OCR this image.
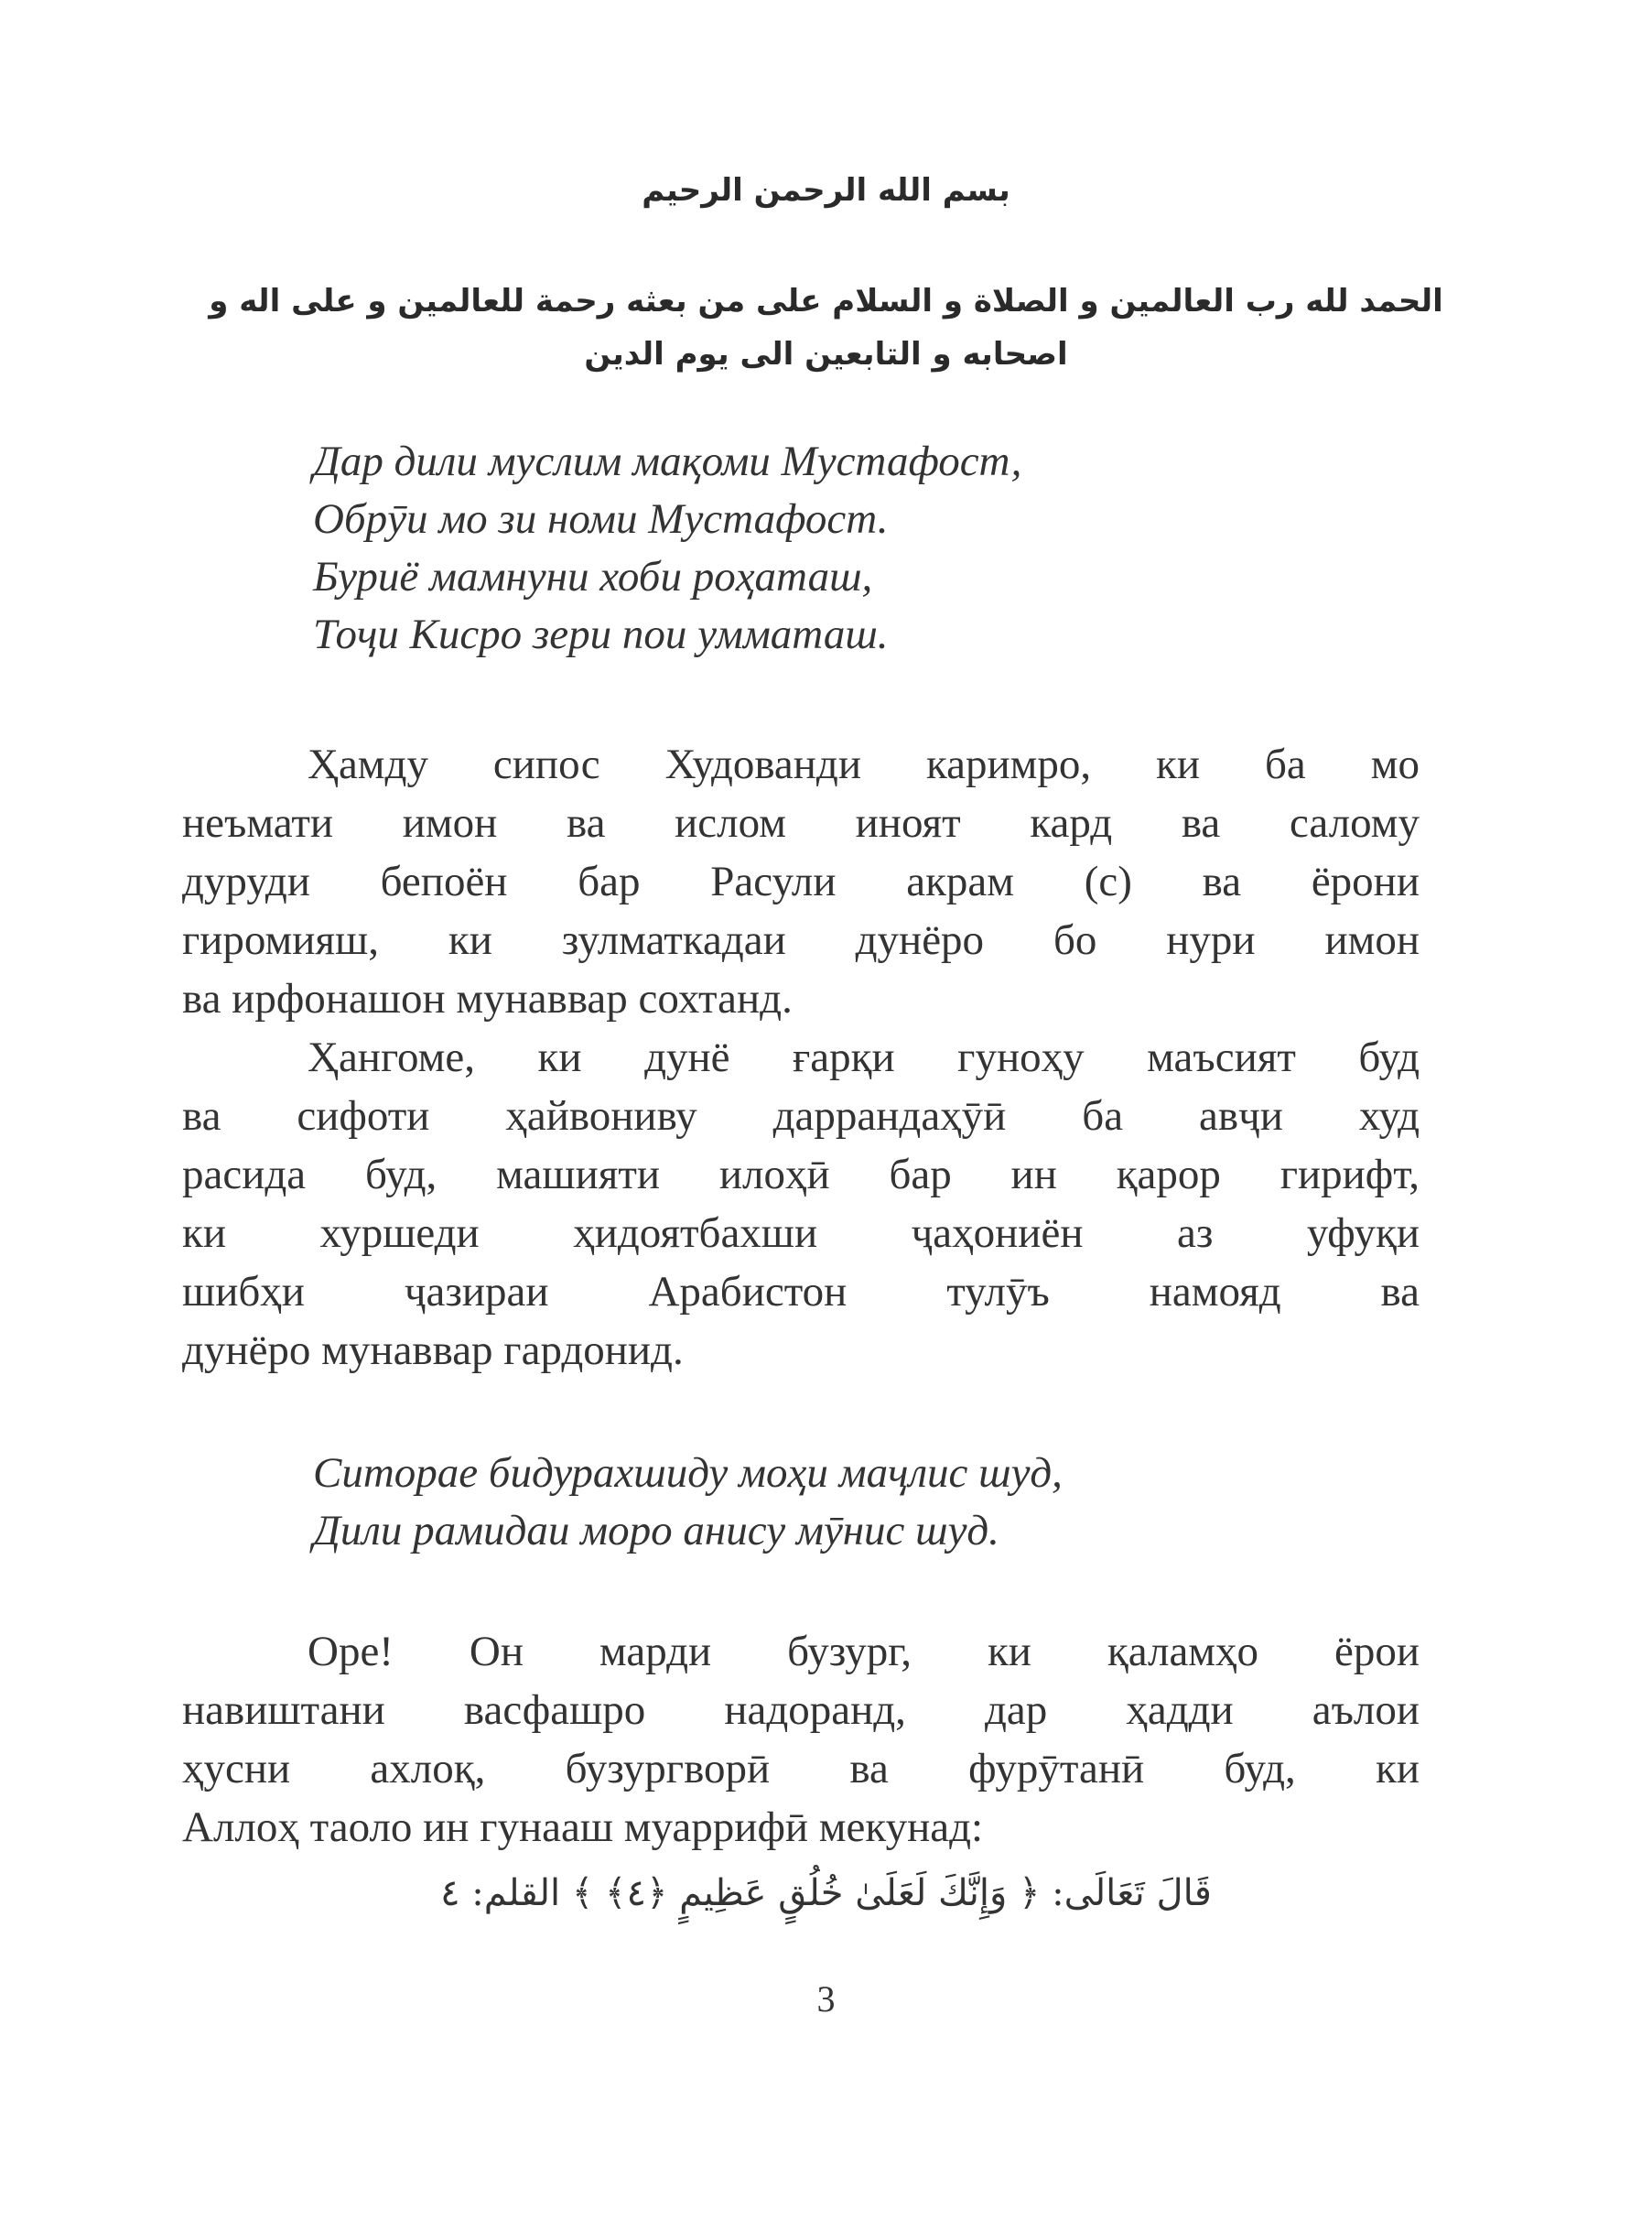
بسم الله الرحمن الرحيم
الحمد لله رب العالمين و الصلاة و السلام على من بعثه رحمة للعالمين و على اله و
اصحابه و التابعين الى يوم الدين
Дар дили муслим мақоми Мустафост,
Обрӯи мо зи номи Мустафост.
Буриё мамнуни хоби роҳаташ,
Тоҷи Кисро зери пои умматаш.
Ҳамду сипос Худованди каримро, ки ба мо
неъмати имон ва ислом иноят кард ва саломy
дуруди бепоён бар Расули акрам (с) ва ёрони
гиромияш, ки зулматкадаи дунёро бо нури имон
ва ирфонашон мунаввар сохтанд.
Ҳангоме, ки дунё ғарқи гуноҳу маъсият буд
ва сифоти ҳайвониву даррандаҳӯӣ ба авҷи худ
расида буд, машияти илоҳӣ бар ин қарор гирифт,
ки хуршеди ҳидоятбахши ҷаҳониён аз уфуқи
шибҳи ҷазираи Арабистон тулӯъ намояд ва
дунёро мунаввар гардонид.
Ситорае бидурахшиду моҳи маҷлис шуд,
Дили рамидаи моро анису мӯнис шуд.
Оре! Он марди бузург, ки қаламҳо ёрои
навиштани васфашро надоранд, дар ҳадди аълои
ҳусни ахлоқ, бузургворӣ ва фурӯтанӣ буд, ки
Аллоҳ таоло ин гунааш муаррифӣ мекунад:
قَالَ تَعَالَى: ﴿ وَإِنَّكَ لَعَلَىٰ خُلُقٍ عَظِيمٍ ﴿٤﴾ ﴾ القلم: ٤
3
